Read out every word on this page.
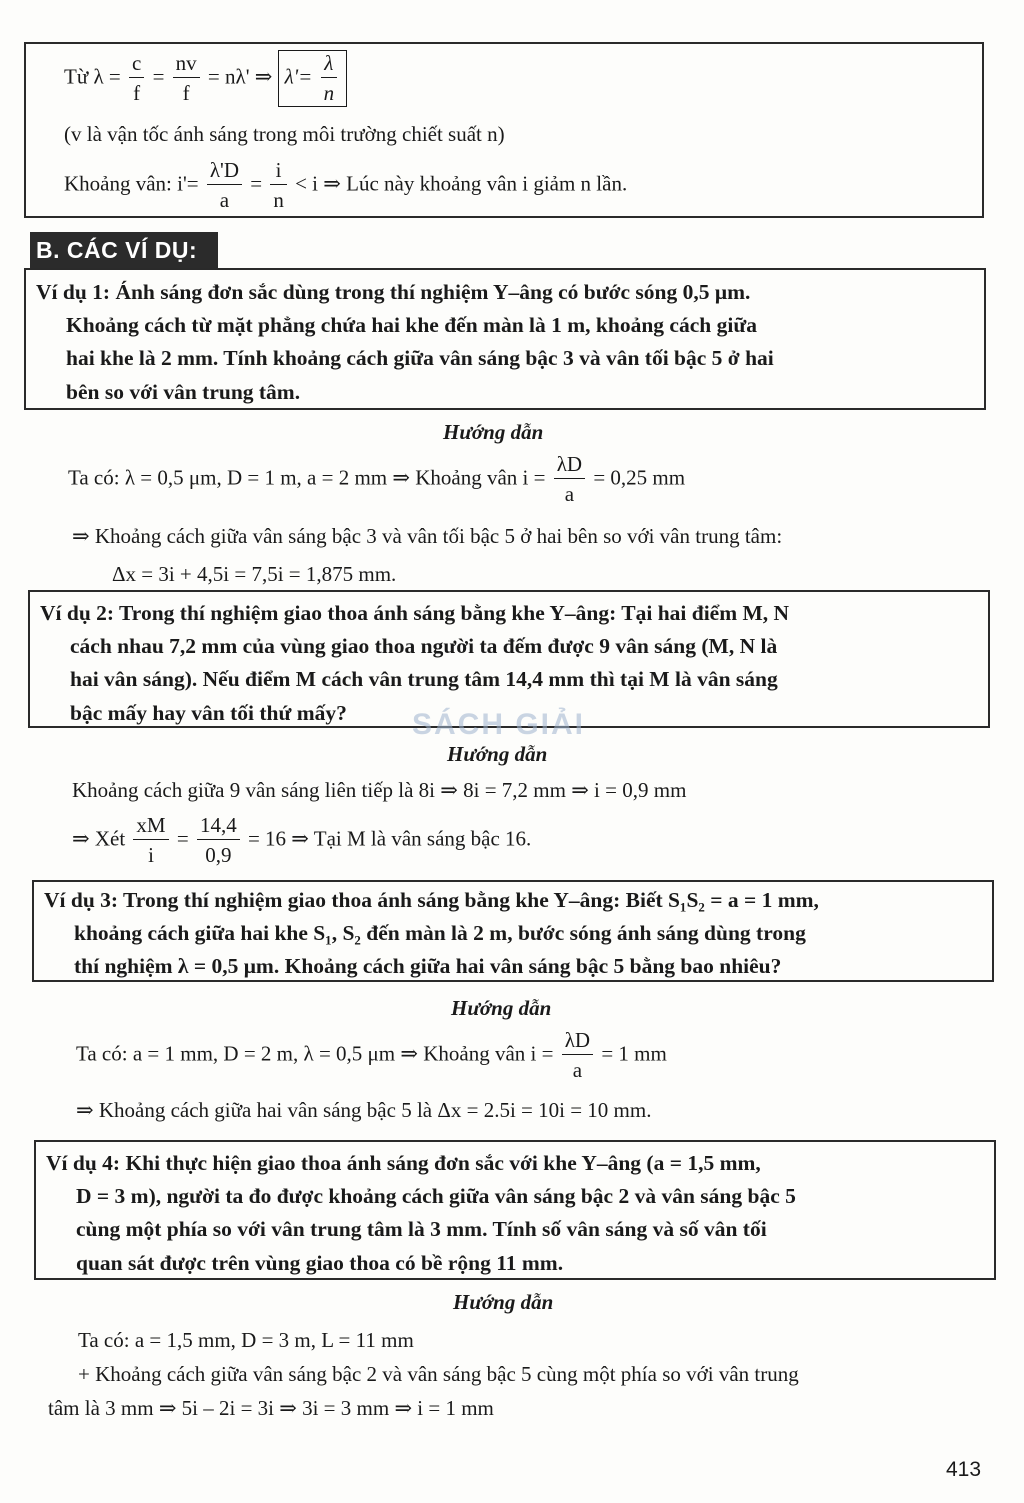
Từ $\lambda = \frac{c}{f} = \frac{nv}{f} = n\lambda'$ ⇒ $\lambda'= \frac{\lambda}{n}$
(v là vận tốc ánh sáng trong môi trường chiết suất n)
Khoảng vân: $i'= \frac{\lambda'D}{a} = \frac{i}{n} < i$ ⇒ Lúc này khoảng vân i giảm n lần.
B. CÁC VÍ DỤ:
Ví dụ 1: Ánh sáng đơn sắc dùng trong thí nghiệm Y–âng có bước sóng 0,5 μm.
Khoảng cách từ mặt phẳng chứa hai khe đến màn là 1 m, khoảng cách giữa
hai khe là 2 mm. Tính khoảng cách giữa vân sáng bậc 3 và vân tối bậc 5 ở hai
bên so với vân trung tâm.
Hướng dẫn
Ta có: λ = 0,5 μm, D = 1 m, a = 2 mm ⇒ Khoảng vân $i = \frac{\lambda D}{a} = 0,25$ mm
⇒ Khoảng cách giữa vân sáng bậc 3 và vân tối bậc 5 ở hai bên so với vân trung tâm:
Δx = 3i + 4,5i = 7,5i = 1,875 mm.
Ví dụ 2: Trong thí nghiệm giao thoa ánh sáng bằng khe Y–âng: Tại hai điểm M, N
cách nhau 7,2 mm của vùng giao thoa người ta đếm được 9 vân sáng (M, N là
hai vân sáng). Nếu điểm M cách vân trung tâm 14,4 mm thì tại M là vân sáng
bậc mấy hay vân tối thứ mấy? SÁCH GIẢI
Hướng dẫn
Khoảng cách giữa 9 vân sáng liên tiếp là 8i ⇒ 8i = 7,2 mm ⇒ i = 0,9 mm
⇒ Xét $\frac{xM}{i} = \frac{14,4}{0,9} = 16$ ⇒ Tại M là vân sáng bậc 16.
Ví dụ 3: Trong thí nghiệm giao thoa ánh sáng bằng khe Y–âng: Biết S₁S₂ = a = 1 mm,
khoảng cách giữa hai khe S₁, S₂ đến màn là 2 m, bước sóng ánh sáng dùng trong
thí nghiệm λ = 0,5 μm. Khoảng cách giữa hai vân sáng bậc 5 bằng bao nhiêu?
Hướng dẫn
Ta có: a = 1 mm, D = 2 m, λ = 0,5 μm ⇒ Khoảng vân $i = \frac{\lambda D}{a} = 1$ mm
⇒ Khoảng cách giữa hai vân sáng bậc 5 là Δx = 2.5i = 10i = 10 mm.
Ví dụ 4: Khi thực hiện giao thoa ánh sáng đơn sắc với khe Y–âng (a = 1,5 mm,
D = 3 m), người ta đo được khoảng cách giữa vân sáng bậc 2 và vân sáng bậc 5
cùng một phía so với vân trung tâm là 3 mm. Tính số vân sáng và số vân tối
quan sát được trên vùng giao thoa có bề rộng 11 mm.
Hướng dẫn
Ta có: a = 1,5 mm, D = 3 m, L = 11 mm
+ Khoảng cách giữa vân sáng bậc 2 và vân sáng bậc 5 cùng một phía so với vân trung
tâm là 3 mm ⇒ 5i – 2i = 3i ⇒ 3i = 3 mm ⇒ i = 1 mm
413
